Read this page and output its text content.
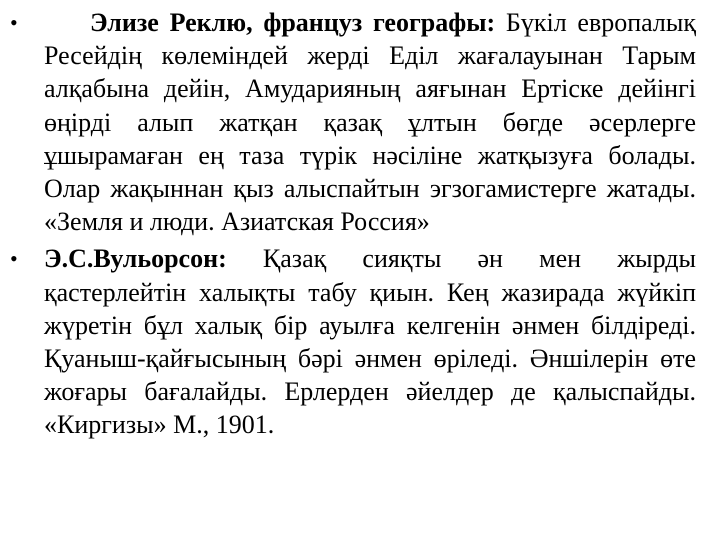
•	Элизе Реклю, француз географы: Бүкіл европалық Ресейдің көлеміндей жерді Еділ жағалауынан Тарым алқабына дейін, Амудариян​ың аяғынан Ертіске дейінгі өңірді алып жатқан қазақ ұлтын бөгде әсерлерге ұшырамаған ең таза түрік нәсіліне жатқызуға болады. Олар жақыннан қыз алыспайтын эгзогамистерге жатады. «Земля и люди. Азиатская Россия»
• Э.С.Вульорсон: Қазақ сияқты ән мен жырды қастерлейтін халықты табу қиын. Кең жазирада жүйкіп жүретін бұл халық бір ауылға келгенін әнмен білдіреді. Қуаныш-қайғысының бәрі әнмен өріледі. Әншілерін өте жоғары бағалайды. Ерлерден әйелдер де қалыспайды. «Киргизы» М., 1901.
